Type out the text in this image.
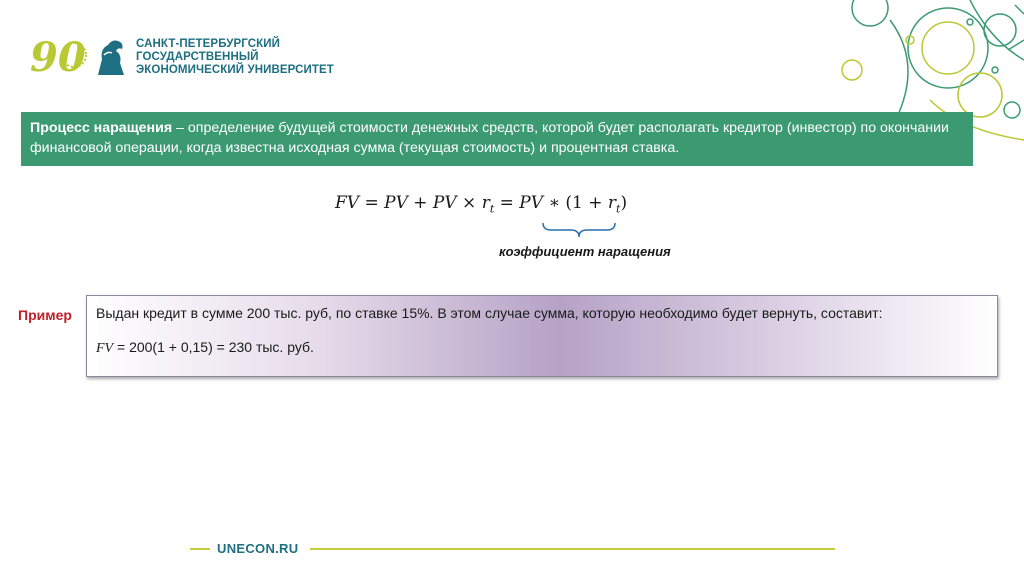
90	САНКТ-ПЕТЕРБУРГСКИЙ
ГОСУДАРСТВЕННЫЙ
ЭКОНОМИЧЕСКИЙ УНИВЕРСИТЕТ
Процесс наращения – определение будущей стоимости денежных средств, которой будет располагать кредитор (инвестор) по окончании финансовой операции, когда известна исходная сумма (текущая стоимость) и процентная ставка.
FV = PV + PV × $r_t$ = PV ∗ $(1 + r_t)$
коэффициент наращения
Пример Выдан кредит в сумме 200 тыс. руб, по ставке 15%. В этом случае сумма, которую необходимо будет вернуть, составит:
FV = 200(1 + 0,15) = 230 тыс. руб.
UNECON.RU
